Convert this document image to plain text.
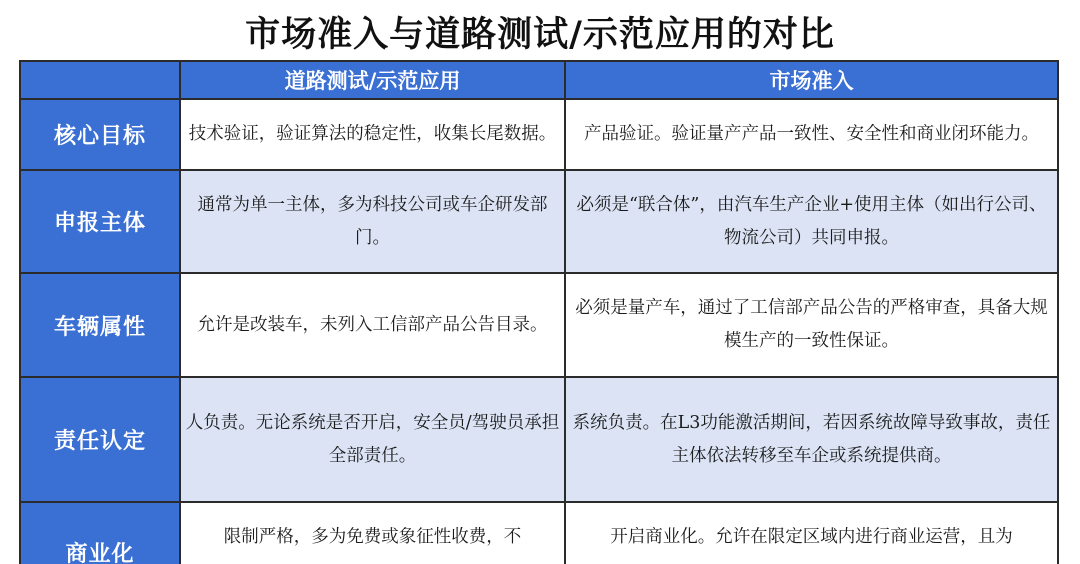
市场准入与道路测试/示范应用的对比
	道路测试/示范应用	市场准入
核心目标	技术验证，验证算法的稳定性，收集长尾数据。	产品验证。验证量产产品一致性、安全性和商业闭环能力。
申报主体	通常为单一主体，多为科技公司或车企研发部门。	必须是“联合体”，由汽车生产企业+使用主体（如出行公司、物流公司）共同申报。
车辆属性	允许是改装车，未列入工信部产品公告目录。	必须是量产车，通过了工信部产品公告的严格审查，具备大规模生产的一致性保证。
责任认定	人负责。无论系统是否开启，安全员/驾驶员承担全部责任。	系统负责。在L3功能激活期间，若因系统故障导致事故，责任主体依法转移至车企或系统提供商。
商业化	限制严格，多为免费或象征性收费，不	开启商业化。允许在限定区域内进行商业运营，且为
